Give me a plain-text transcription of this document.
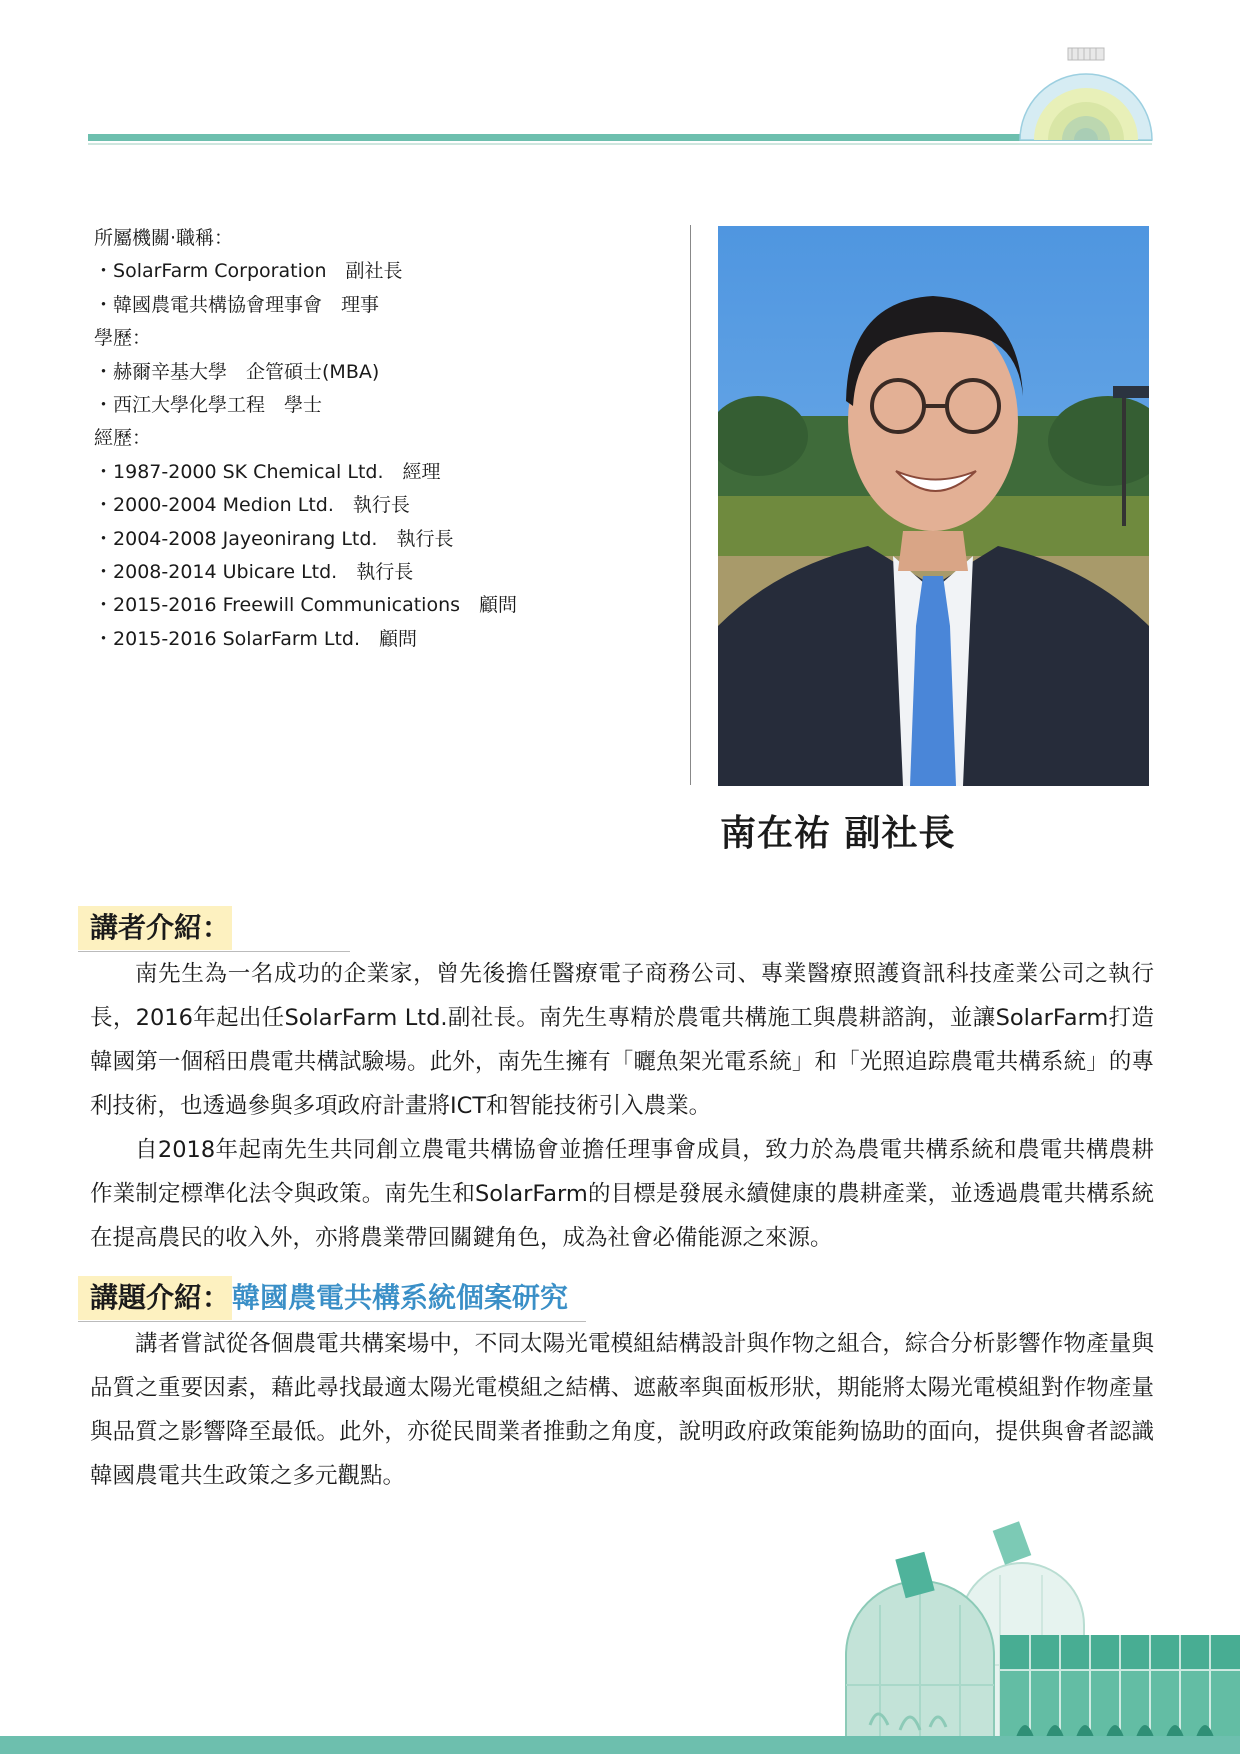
所屬機關‧職稱：
・ SolarFarm Corporation　副社長
・ 韓國農電共構協會理事會　理事
學歷：
・ 赫爾辛基大學　企管碩士(MBA)
・ 西江大學化學工程　學士
經歷：
・ 1987-2000 SK Chemical Ltd.　經理
・ 2000-2004 Medion Ltd.　執行長
・ 2004-2008 Jayeonirang Ltd.　執行長
・ 2008-2014 Ubicare Ltd.　執行長
・ 2015-2016 Freewill Communications　顧問
・ 2015-2016 SolarFarm Ltd.　顧問
南在祐 副社長
講者介紹：

南先生為一名成功的企業家，曾先後擔任醫療電子商務公司、專業醫療照護資訊科技產業公司之執行長，2016年起出任SolarFarm Ltd.副社長。南先生專精於農電共構施工與農耕諮詢，並讓SolarFarm打造韓國第一個稻田農電共構試驗場。此外，南先生擁有「曬魚架光電系統」和「光照追踪農電共構系統」的專利技術，也透過參與多項政府計畫將ICT和智能技術引入農業。

自2018年起南先生共同創立農電共構協會並擔任理事會成員，致力於為農電共構系統和農電共構農耕作業制定標準化法令與政策。南先生和SolarFarm的目標是發展永續健康的農耕產業，並透過農電共構系統在提高農民的收入外，亦將農業帶回關鍵角色，成為社會必備能源之來源。

講題介紹：韓國農電共構系統個案研究

講者嘗試從各個農電共構案場中，不同太陽光電模組結構設計與作物之組合，綜合分析影響作物產量與品質之重要因素，藉此尋找最適太陽光電模組之結構、遮蔽率與面板形狀，期能將太陽光電模組對作物產量與品質之影響降至最低。此外，亦從民間業者推動之角度，說明政府政策能夠協助的面向，提供與會者認識韓國農電共生政策之多元觀點。
